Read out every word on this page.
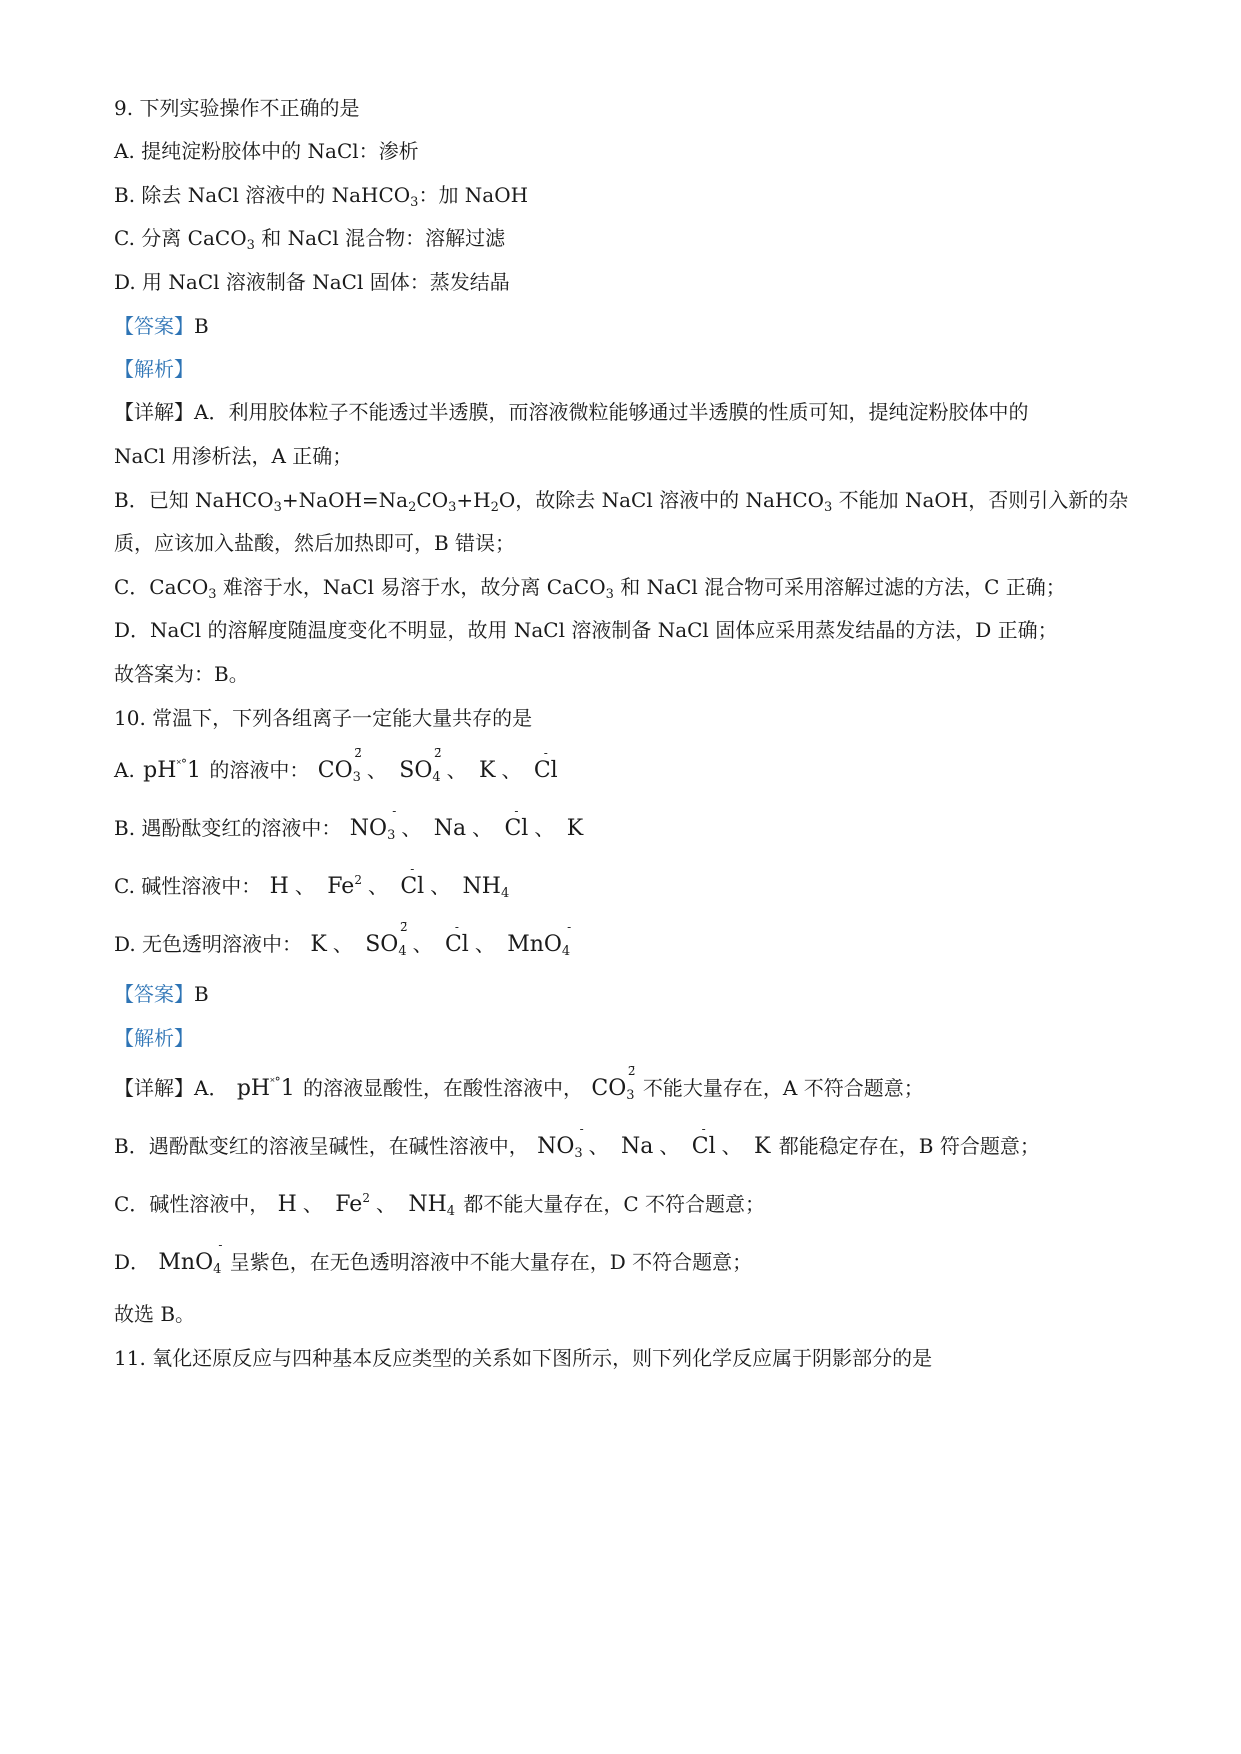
9. 下列实验操作不正确的是
A. 提纯淀粉胶体中的 NaCl：渗析
B. 除去 NaCl 溶液中的 NaHCO$_3$：加 NaOH
C. 分离 CaCO$_3$ 和 NaCl 混合物：溶解过滤
D. 用 NaCl 溶液制备 NaCl 固体：蒸发结晶
【答案】B
【解析】
【详解】A．利用胶体粒子不能透过半透膜，而溶液微粒能够通过半透膜的性质可知，提纯淀粉胶体中的
NaCl 用渗析法，A 正确；
B．已知 $NaHCO_3+NaOH=Na_2CO_3+H_2O$，故除去 NaCl 溶液中的 NaHCO$_3$ 不能加 NaOH，否则引入新的杂
质，应该加入盐酸，然后加热即可，B 错误；
C．CaCO$_3$ 难溶于水，NaCl 易溶于水，故分离 CaCO$_3$ 和 NaCl 混合物可采用溶解过滤的方法，C 正确；
D．NaCl 的溶解度随温度变化不明显，故用 NaCl 溶液制备 NaCl 固体应采用蒸发结晶的方法，D 正确；
故答案为：B。
10. 常温下，下列各组离子一定能大量共存的是
A. pH˟°1 的溶液中： $CO_3$
2̄
、 $SO_4$
2̄
、 K 、 Cl
-
B. 遇酚酞变红的溶液中： $NO_3$
-
、 Na 、 Cl
-
、 K
C. 碱性溶液中： H 、 Fe$^2$ 、 Cl
-
、 $NH_4$
D. 无色透明溶液中： K 、 $SO_4$
2̄
、 Cl
-
、 MnO$_4$
-
【答案】B
【解析】
【详解】A． pH˟°1 的溶液显酸性，在酸性溶液中， $CO_3$
2̄
不能大量存在，A 不符合题意；
B．遇酚酞变红的溶液呈碱性，在碱性溶液中， $NO_3$
-
、 Na 、 Cl
-
、 K 都能稳定存在，B 符合题意；
C．碱性溶液中， H 、 Fe$^2$ 、 $NH_4$ 都不能大量存在，C 不符合题意；
D． MnO$_4$
-
呈紫色，在无色透明溶液中不能大量存在，D 不符合题意；
故选 B。
11. 氧化还原反应与四种基本反应类型的关系如下图所示，则下列化学反应属于阴影部分的是
